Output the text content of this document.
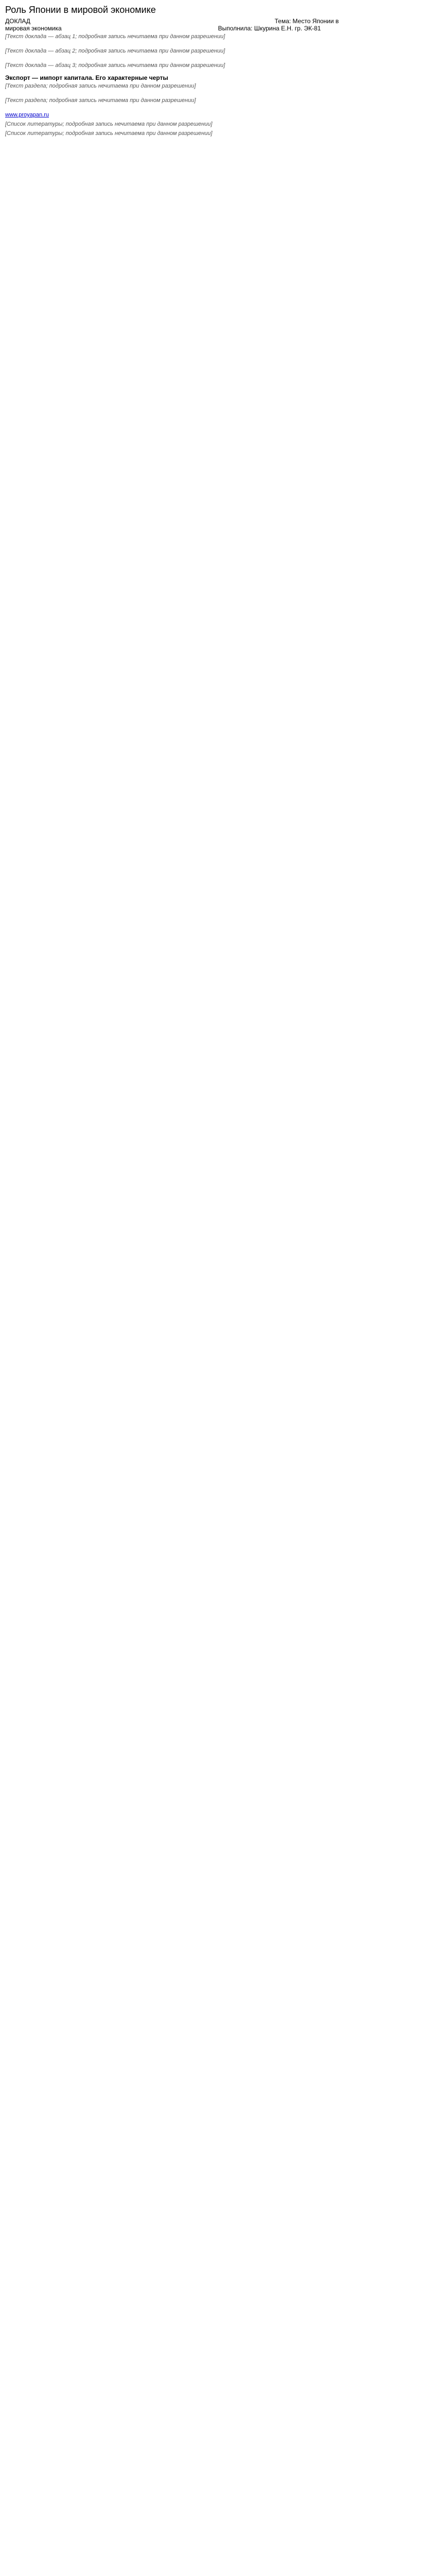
Роль Японии в мировой экономике
ДОКЛАД	Тема: Место Японии в
мировая экономика	Выполнила: Шкурина Е.Н. гр. ЭК-81

[Текст доклада — абзац 1; подробная запись нечитаема при данном разрешении]

[Текст доклада — абзац 2; подробная запись нечитаема при данном разрешении]

[Текст доклада — абзац 3; подробная запись нечитаема при данном разрешении]

Экспорт — импорт капитала. Его характерные черты

[Текст раздела; подробная запись нечитаема при данном разрешении]

[Текст раздела; подробная запись нечитаема при данном разрешении]

www.proyapan.ru
[Список литературы; подробная запись нечитаема при данном разрешении]
[Список литературы; подробная запись нечитаема при данном разрешении]
